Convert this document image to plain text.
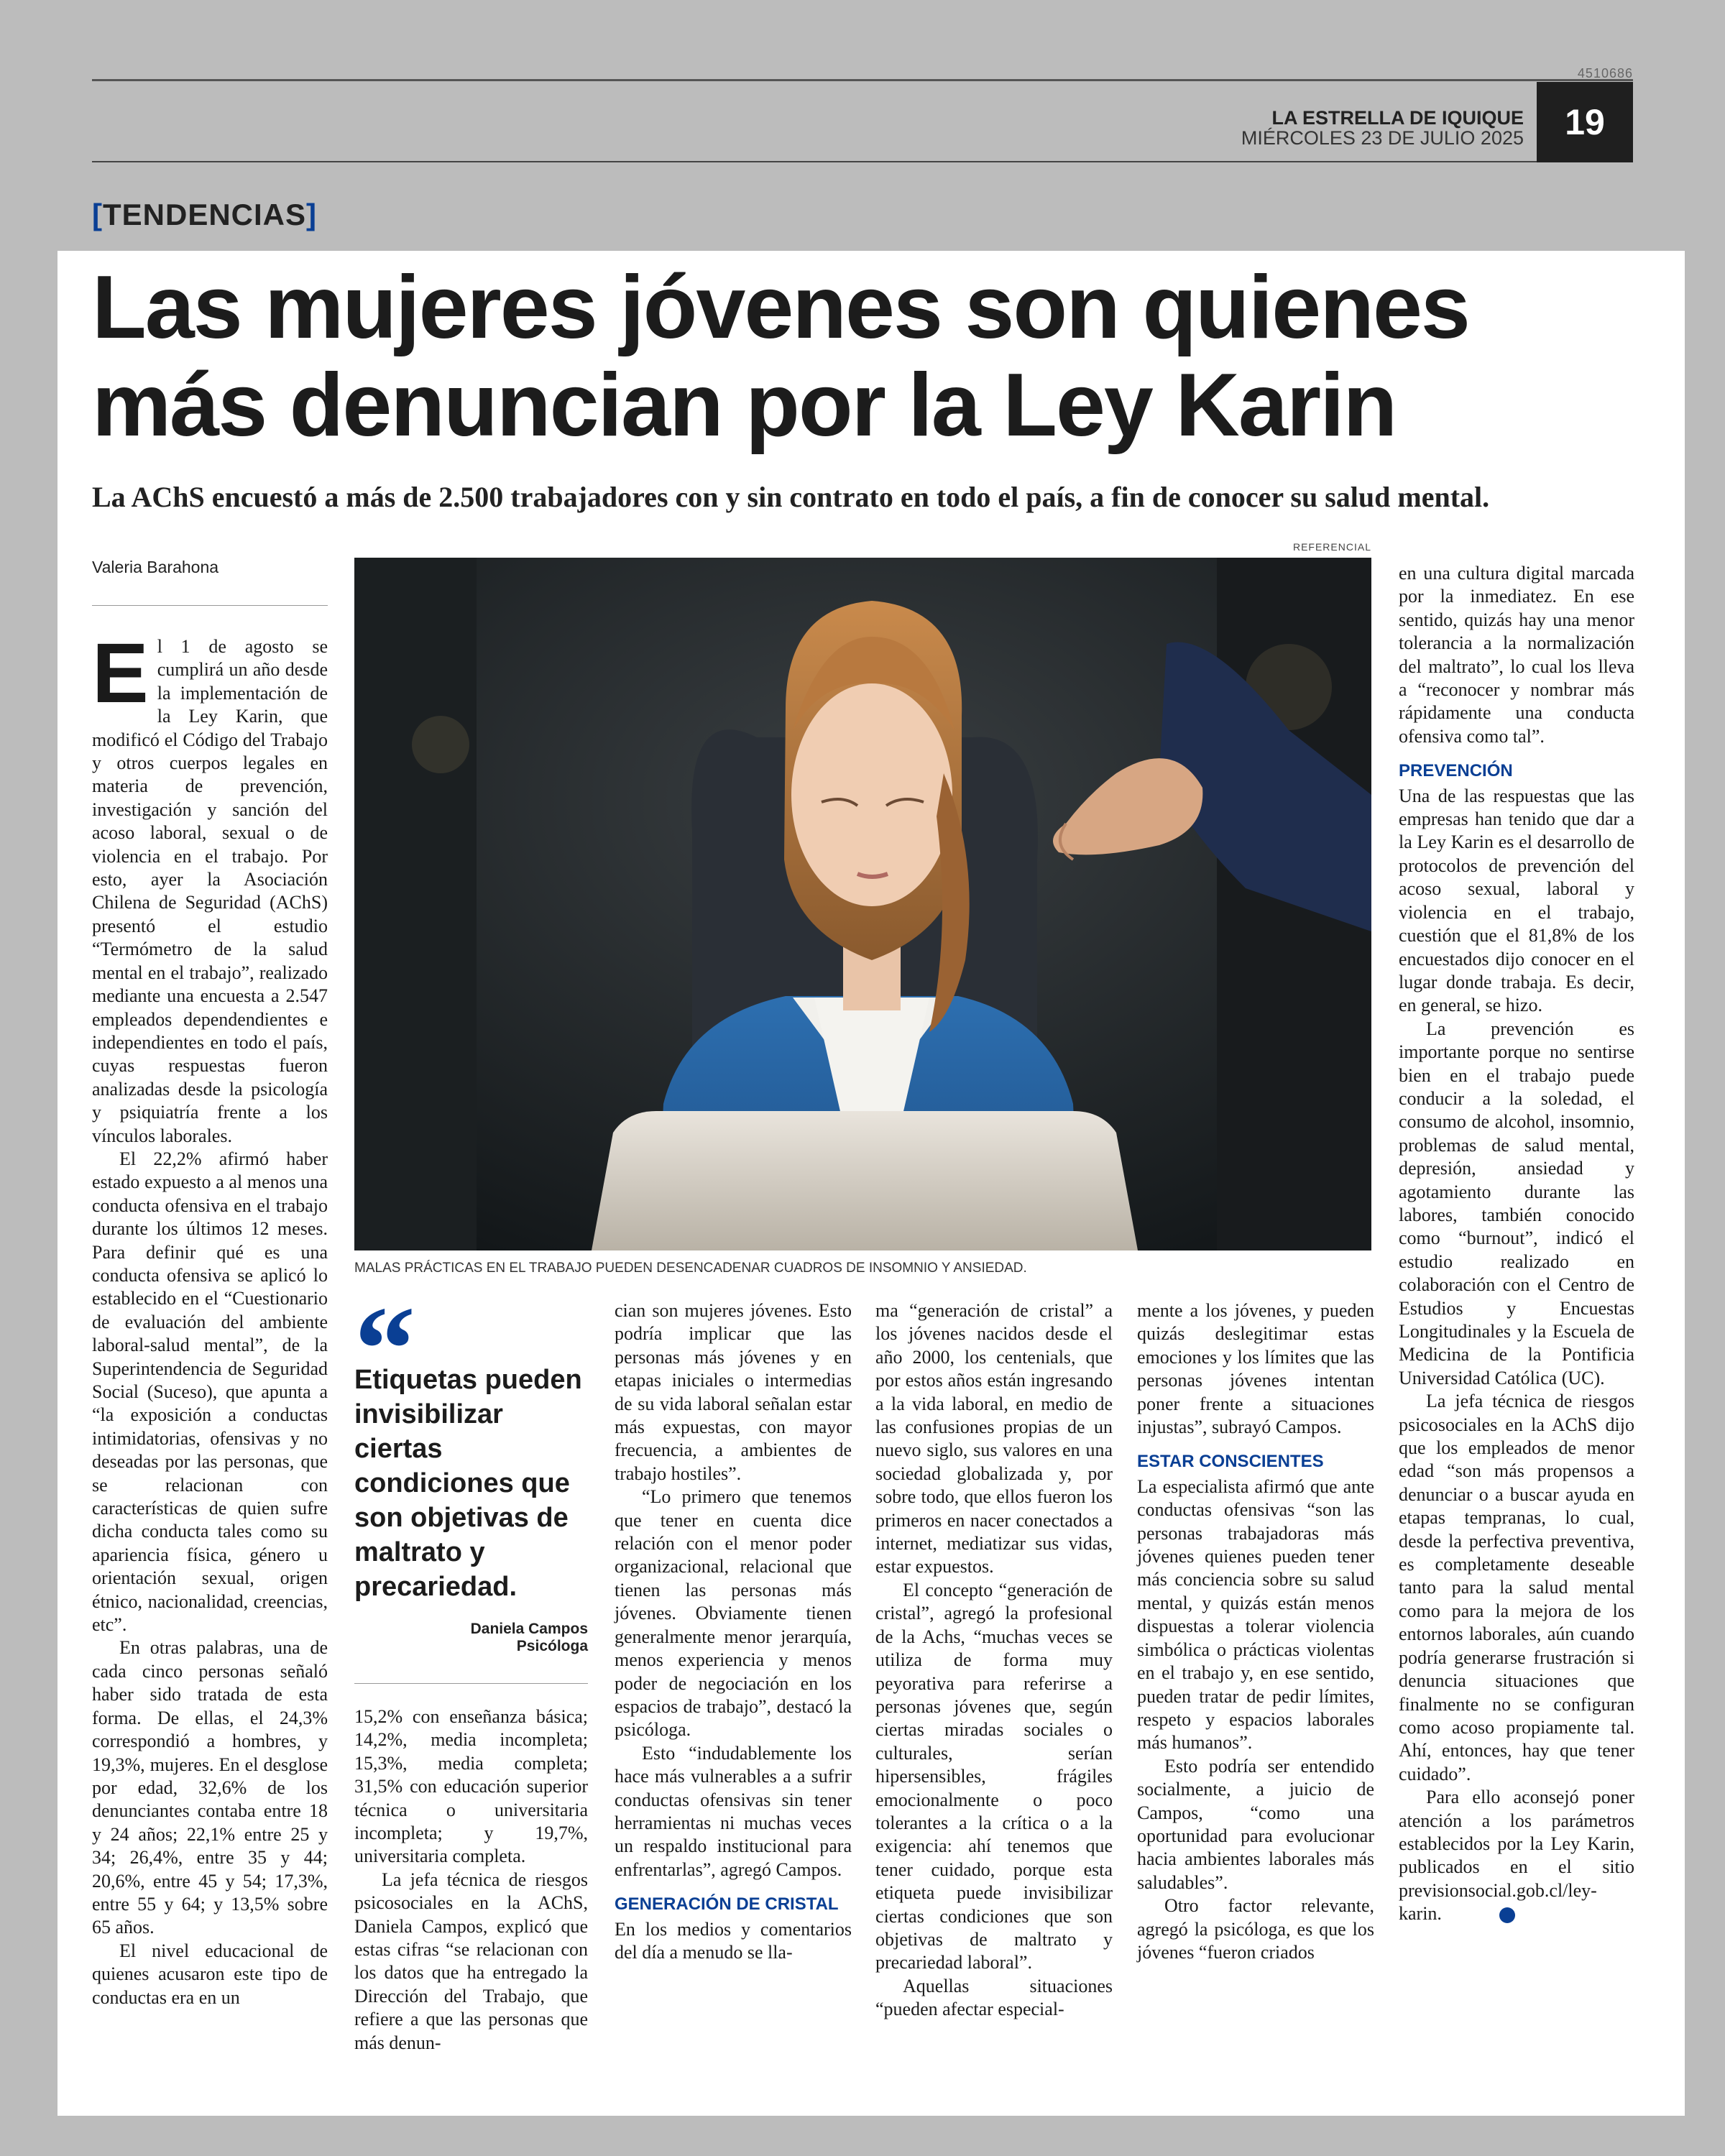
4510686
LA ESTRELLA DE IQUIQUE
MIÉRCOLES 23 DE JULIO 2025	19
[TENDENCIAS]
Las mujeres jóvenes son quienes más denuncian por la Ley Karin
La AChS encuestó a más de 2.500 trabajadores con y sin contrato en todo el país, a fin de conocer su salud mental.
Valeria Barahona
REFERENCIAL
MALAS PRÁCTICAS EN EL TRABAJO PUEDEN DESENCADENAR CUADROS DE INSOMNIO Y ANSIEDAD.

El 1 de agosto se cumplirá un año desde la implementación de la Ley Karin, que modificó el Código del Trabajo y otros cuerpos legales en materia de prevención, investigación y sanción del acoso laboral, sexual o de violencia en el trabajo. Por esto, ayer la Asociación Chilena de Seguridad (AChS) presentó el estudio “Termómetro de la salud mental en el trabajo”, realizado mediante una encuesta a 2.547 empleados dependendientes e independientes en todo el país, cuyas respuestas fueron analizadas desde la psicología y psiquiatría frente a los vínculos laborales.

El 22,2% afirmó haber estado expuesto a al menos una conducta ofensiva en el trabajo durante los últimos 12 meses. Para definir qué es una conducta ofensiva se aplicó lo establecido en el “Cuestionario de evaluación del ambiente laboral-salud mental”, de la Superintendencia de Seguridad Social (Suceso), que apunta a “la exposición a conductas intimidatorias, ofensivas y no deseadas por las personas, que se relacionan con características de quien sufre dicha conducta tales como su apariencia física, género u orientación sexual, origen étnico, nacionalidad, creencias, etc”.

En otras palabras, una de cada cinco personas señaló haber sido tratada de esta forma. De ellas, el 24,3% correspondió a hombres, y 19,3%, mujeres. En el desglose por edad, 32,6% de los denunciantes contaba entre 18 y 24 años; 22,1% entre 25 y 34; 26,4%, entre 35 y 44; 20,6%, entre 45 y 54; 17,3%, entre 55 y 64; y 13,5% sobre 65 años.

El nivel educacional de quienes acusaron este tipo de conductas era en un

“
Etiquetas pueden invisibilizar ciertas condiciones que son objetivas de maltrato y precariedad.
Daniela Campos
Psicóloga

15,2% con enseñanza básica; 14,2%, media incompleta; 15,3%, media completa; 31,5% con educación superior técnica o universitaria incompleta; y 19,7%, universitaria completa.

La jefa técnica de riesgos psicosociales en la AChS, Daniela Campos, explicó que estas cifras “se relacionan con los datos que ha entregado la Dirección del Trabajo, que refiere a que las personas que más denun-

cian son mujeres jóvenes. Esto podría implicar que las personas más jóvenes y en etapas iniciales o intermedias de su vida laboral señalan estar más expuestas, con mayor frecuencia, a ambientes de trabajo hostiles”.

“Lo primero que tenemos que tener en cuenta dice relación con el menor poder organizacional, relacional que tienen las personas más jóvenes. Obviamente tienen generalmente menor jerarquía, menos experiencia y menos poder de negociación en los espacios de trabajo”, destacó la psicóloga.

Esto “indudablemente los hace más vulnerables a a sufrir conductas ofensivas sin tener herramientas ni muchas veces un respaldo institucional para enfrentarlas”, agregó Campos.

GENERACIÓN DE CRISTAL

En los medios y comentarios del día a menudo se lla-

ma “generación de cristal” a los jóvenes nacidos desde el año 2000, los centenials, que por estos años están ingresando a la vida laboral, en medio de las confusiones propias de un nuevo siglo, sus valores en una sociedad globalizada y, por sobre todo, que ellos fueron los primeros en nacer conectados a internet, mediatizar sus vidas, estar expuestos.

El concepto “generación de cristal”, agregó la profesional de la Achs, “muchas veces se utiliza de forma muy peyorativa para referirse a personas jóvenes que, según ciertas miradas sociales o culturales, serían hipersensibles, frágiles emocionalmente o poco tolerantes a la crítica o a la exigencia: ahí tenemos que tener cuidado, porque esta etiqueta puede invisibilizar ciertas condiciones que son objetivas de maltrato y precariedad laboral”.

Aquellas situaciones “pueden afectar especial-

mente a los jóvenes, y pueden quizás deslegitimar estas emociones y los límites que las personas jóvenes intentan poner frente a situaciones injustas”, subrayó Campos.

ESTAR CONSCIENTES

La especialista afirmó que ante conductas ofensivas “son las personas trabajadoras más jóvenes quienes pueden tener más conciencia sobre su salud mental, y quizás están menos dispuestas a tolerar violencia simbólica o prácticas violentas en el trabajo y, en ese sentido, pueden tratar de pedir límites, respeto y espacios laborales más humanos”.

Esto podría ser entendido socialmente, a juicio de Campos, “como una oportunidad para evolucionar hacia ambientes laborales más saludables”.

Otro factor relevante, agregó la psicóloga, es que los jóvenes “fueron criados

en una cultura digital marcada por la inmediatez. En ese sentido, quizás hay una menor tolerancia a la normalización del maltrato”, lo cual los lleva a “reconocer y nombrar más rápidamente una conducta ofensiva como tal”.

PREVENCIÓN

Una de las respuestas que las empresas han tenido que dar a la Ley Karin es el desarrollo de protocolos de prevención del acoso sexual, laboral y violencia en el trabajo, cuestión que el 81,8% de los encuestados dijo conocer en el lugar donde trabaja. Es decir, en general, se hizo.

La prevención es importante porque no sentirse bien en el trabajo puede conducir a la soledad, el consumo de alcohol, insomnio, problemas de salud mental, depresión, ansiedad y agotamiento durante las labores, también conocido como “burnout”, indicó el estudio realizado en colaboración con el Centro de Estudios y Encuestas Longitudinales y la Escuela de Medicina de la Pontificia Universidad Católica (UC).

La jefa técnica de riesgos psicosociales en la AChS dijo que los empleados de menor edad “son más propensos a denunciar o a buscar ayuda en etapas tempranas, lo cual, desde la perfectiva preventiva, es completamente deseable tanto para la salud mental como para la mejora de los entornos laborales, aún cuando podría generarse frustración si denuncia situaciones que finalmente no se configuran como acoso propiamente tal. Ahí, entonces, hay que tener cuidado”.

Para ello aconsejó poner atención a los parámetros establecidos por la Ley Karin, publicados en el sitio previsionsocial.gob.cl/ley-karin.	✪
